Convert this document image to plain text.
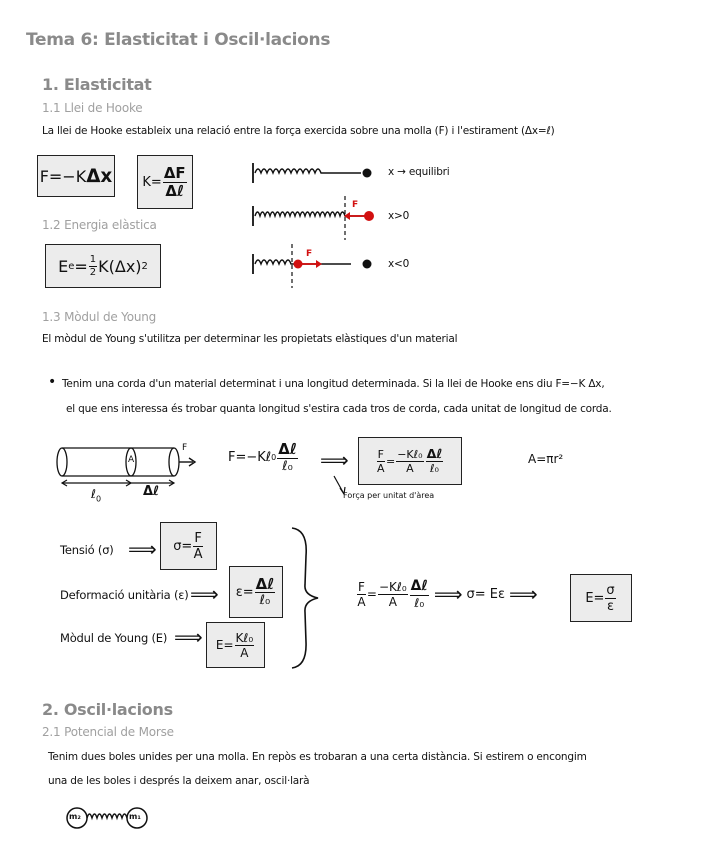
Tema 6: Elasticitat i Oscil·lacions
1. Elasticitat
1.1 Llei de Hooke
La llei de Hooke estableix una relació entre la força exercida sobre una molla (F) i l'estirament (Δx=ℓ)
F=−K Δx $K= \frac{\Delta F}{\text{Δℓ}}$
1.2 Energia elàstica
E $e = \frac{1}{2} K(\Delta x)$ 2
x → equilibri
F
x>0
F
x<0
1.3 Mòdul de Young
El mòdul de Young s'utilitza per determinar les propietats elàstiques d'un material
• Tenim una corda d'un material determinat i una longitud determinada. Si la llei de Hooke ens diu F=−K Δx,
el que ens interessa és trobar quanta longitud s'estira cada tros de corda, cada unitat de longitud de corda.
A
F
ℓ$_0$	Δℓ
F=−Kℓ $0 \frac{\text{Δℓ}}{\text{ℓ₀}}$ ⟹	$\frac{F}{A} = \frac{\text{−Kℓ₀}}{A} \frac{\text{Δℓ}}{\text{ℓ₀}}$
Força per unitat d'àrea
A=πr²
Tensió (σ) ⟹ $\sigma= \frac{F}{A}$
Deformació unitària (ε) ⟹ $\varepsilon= \frac{\text{Δℓ}}{\text{ℓ₀}}$
Mòdul de Young (E) ⟹ $E= \frac{\text{Kℓ₀}}{A}$
$\frac{F}{A} = \frac{\text{−Kℓ₀}}{A} \frac{\text{Δℓ}}{\text{ℓ₀}}$ ⟹ σ= Eε ⟹	$E= \frac{\sigma}{\varepsilon}$
2. Oscil·lacions
2.1 Potencial de Morse
Tenim dues boles unides per una molla. En repòs es trobaran a una certa distància. Si estirem o encongim
una de les boles i després la deixem anar, oscil·larà
m₂	m₁
